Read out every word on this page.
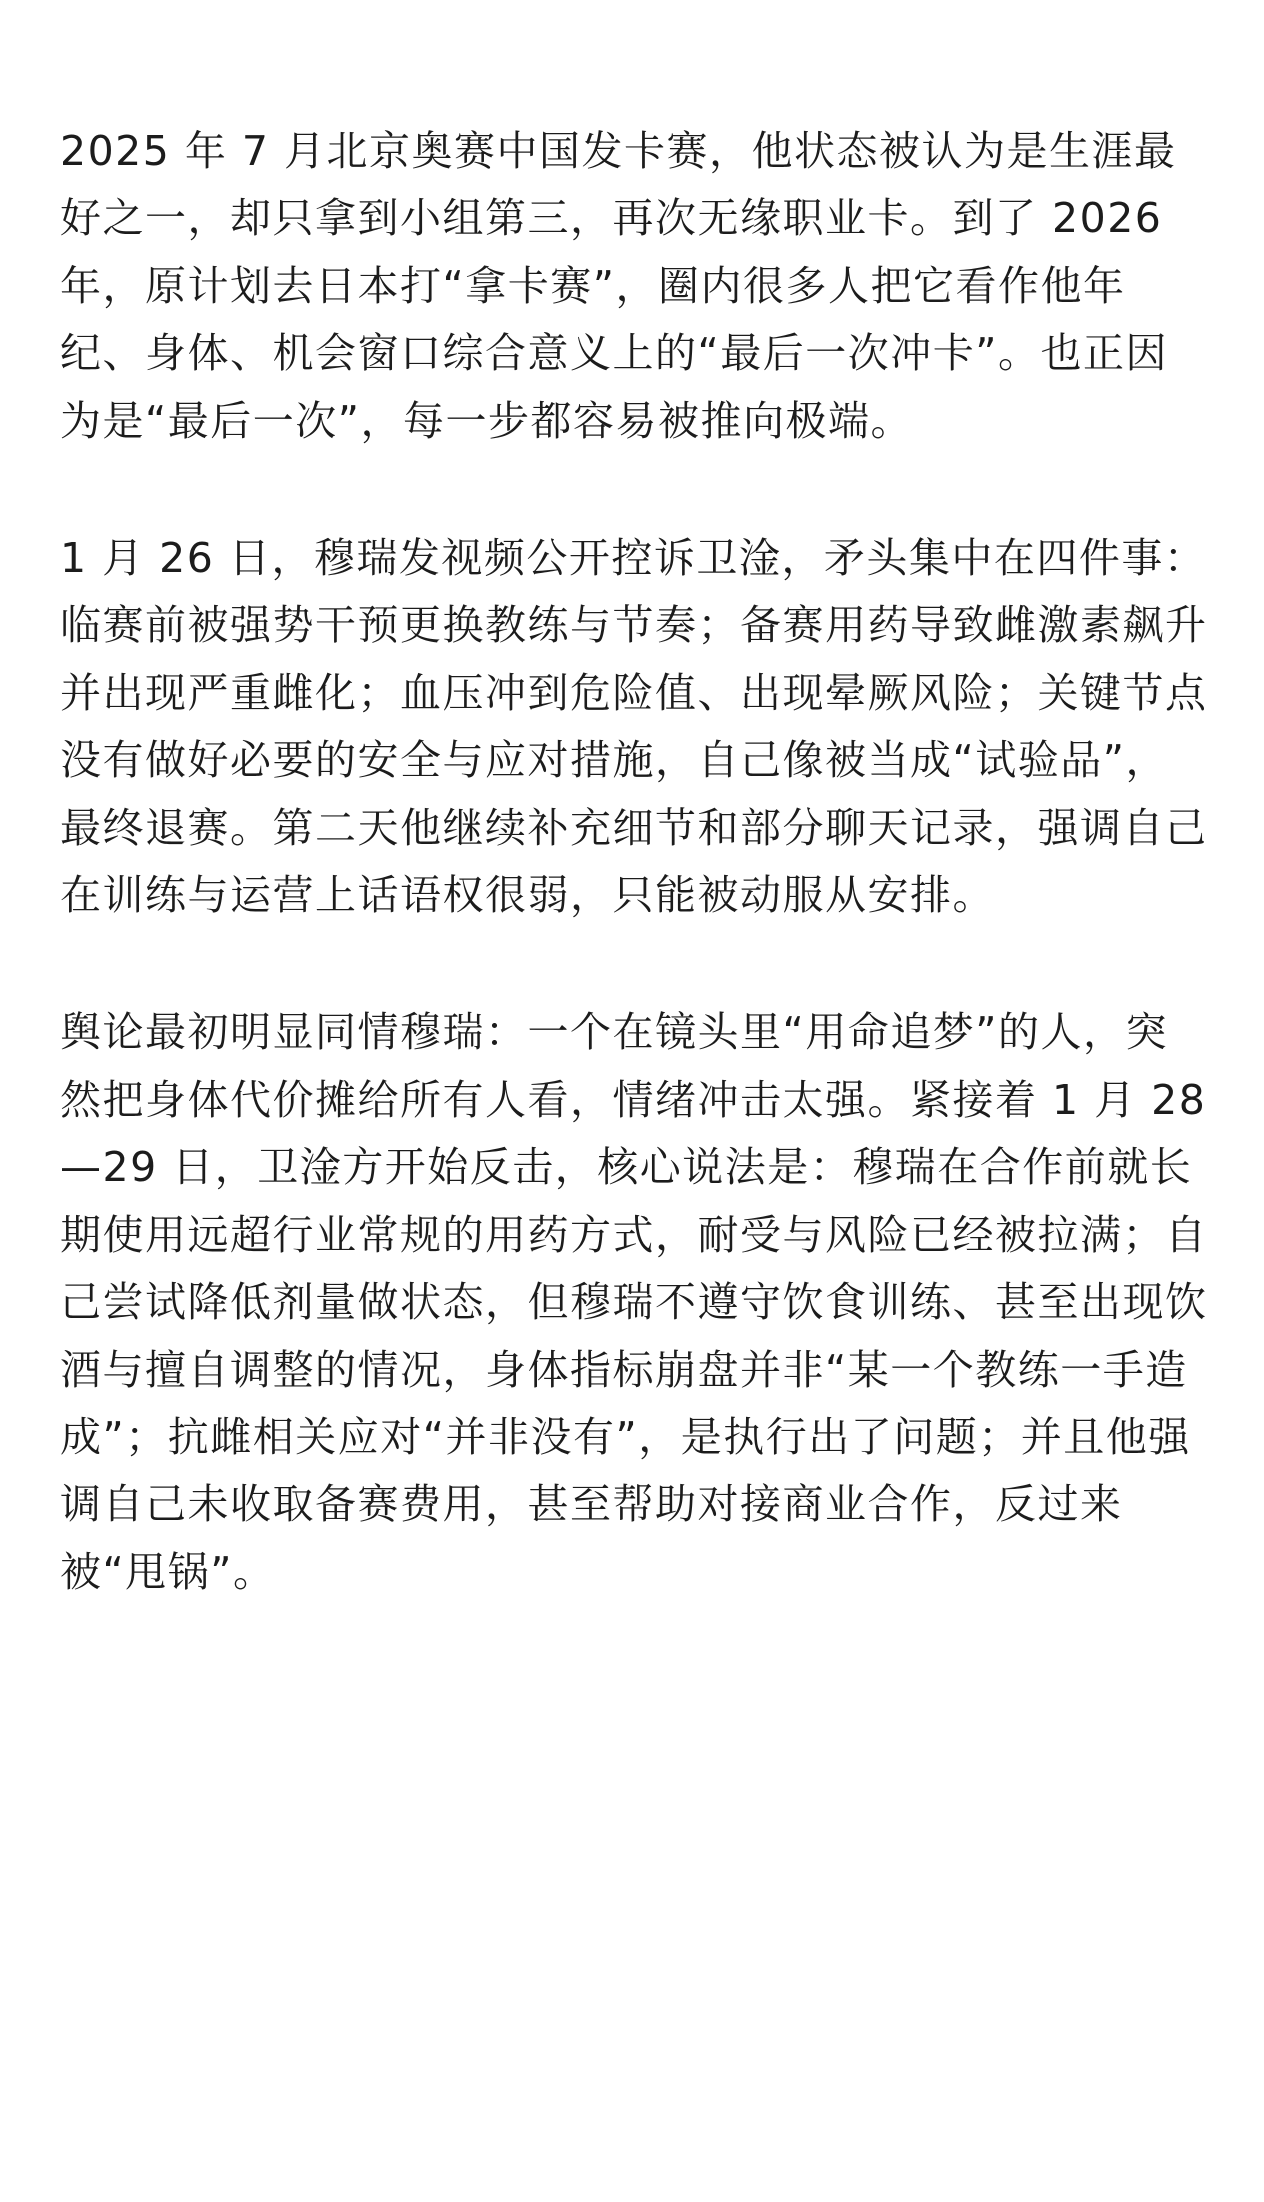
2025 年 7 月北京奥赛中国发卡赛，他状态被认为是生涯最好之一，却只拿到小组第三，再次无缘职业卡。到了 2026 年，原计划去日本打“拿卡赛”，圈内很多人把它看作他年纪、身体、机会窗口综合意义上的“最后一次冲卡”。也正因为是“最后一次”，每一步都容易被推向极端。

1 月 26 日，穆瑞发视频公开控诉卫淦，矛头集中在四件事：临赛前被强势干预更换教练与节奏；备赛用药导致雌激素飙升并出现严重雌化；血压冲到危险值、出现晕厥风险；关键节点没有做好必要的安全与应对措施，自己像被当成“试验品”，最终退赛。第二天他继续补充细节和部分聊天记录，强调自己在训练与运营上话语权很弱，只能被动服从安排。

舆论最初明显同情穆瑞：一个在镜头里“用命追梦”的人，突然把身体代价摊给所有人看，情绪冲击太强。紧接着 1 月 28—29 日，卫淦方开始反击，核心说法是：穆瑞在合作前就长期使用远超行业常规的用药方式，耐受与风险已经被拉满；自己尝试降低剂量做状态，但穆瑞不遵守饮食训练、甚至出现饮酒与擅自调整的情况，身体指标崩盘并非“某一个教练一手造成”；抗雌相关应对“并非没有”，是执行出了问题；并且他强调自己未收取备赛费用，甚至帮助对接商业合作，反过来被“甩锅”。
